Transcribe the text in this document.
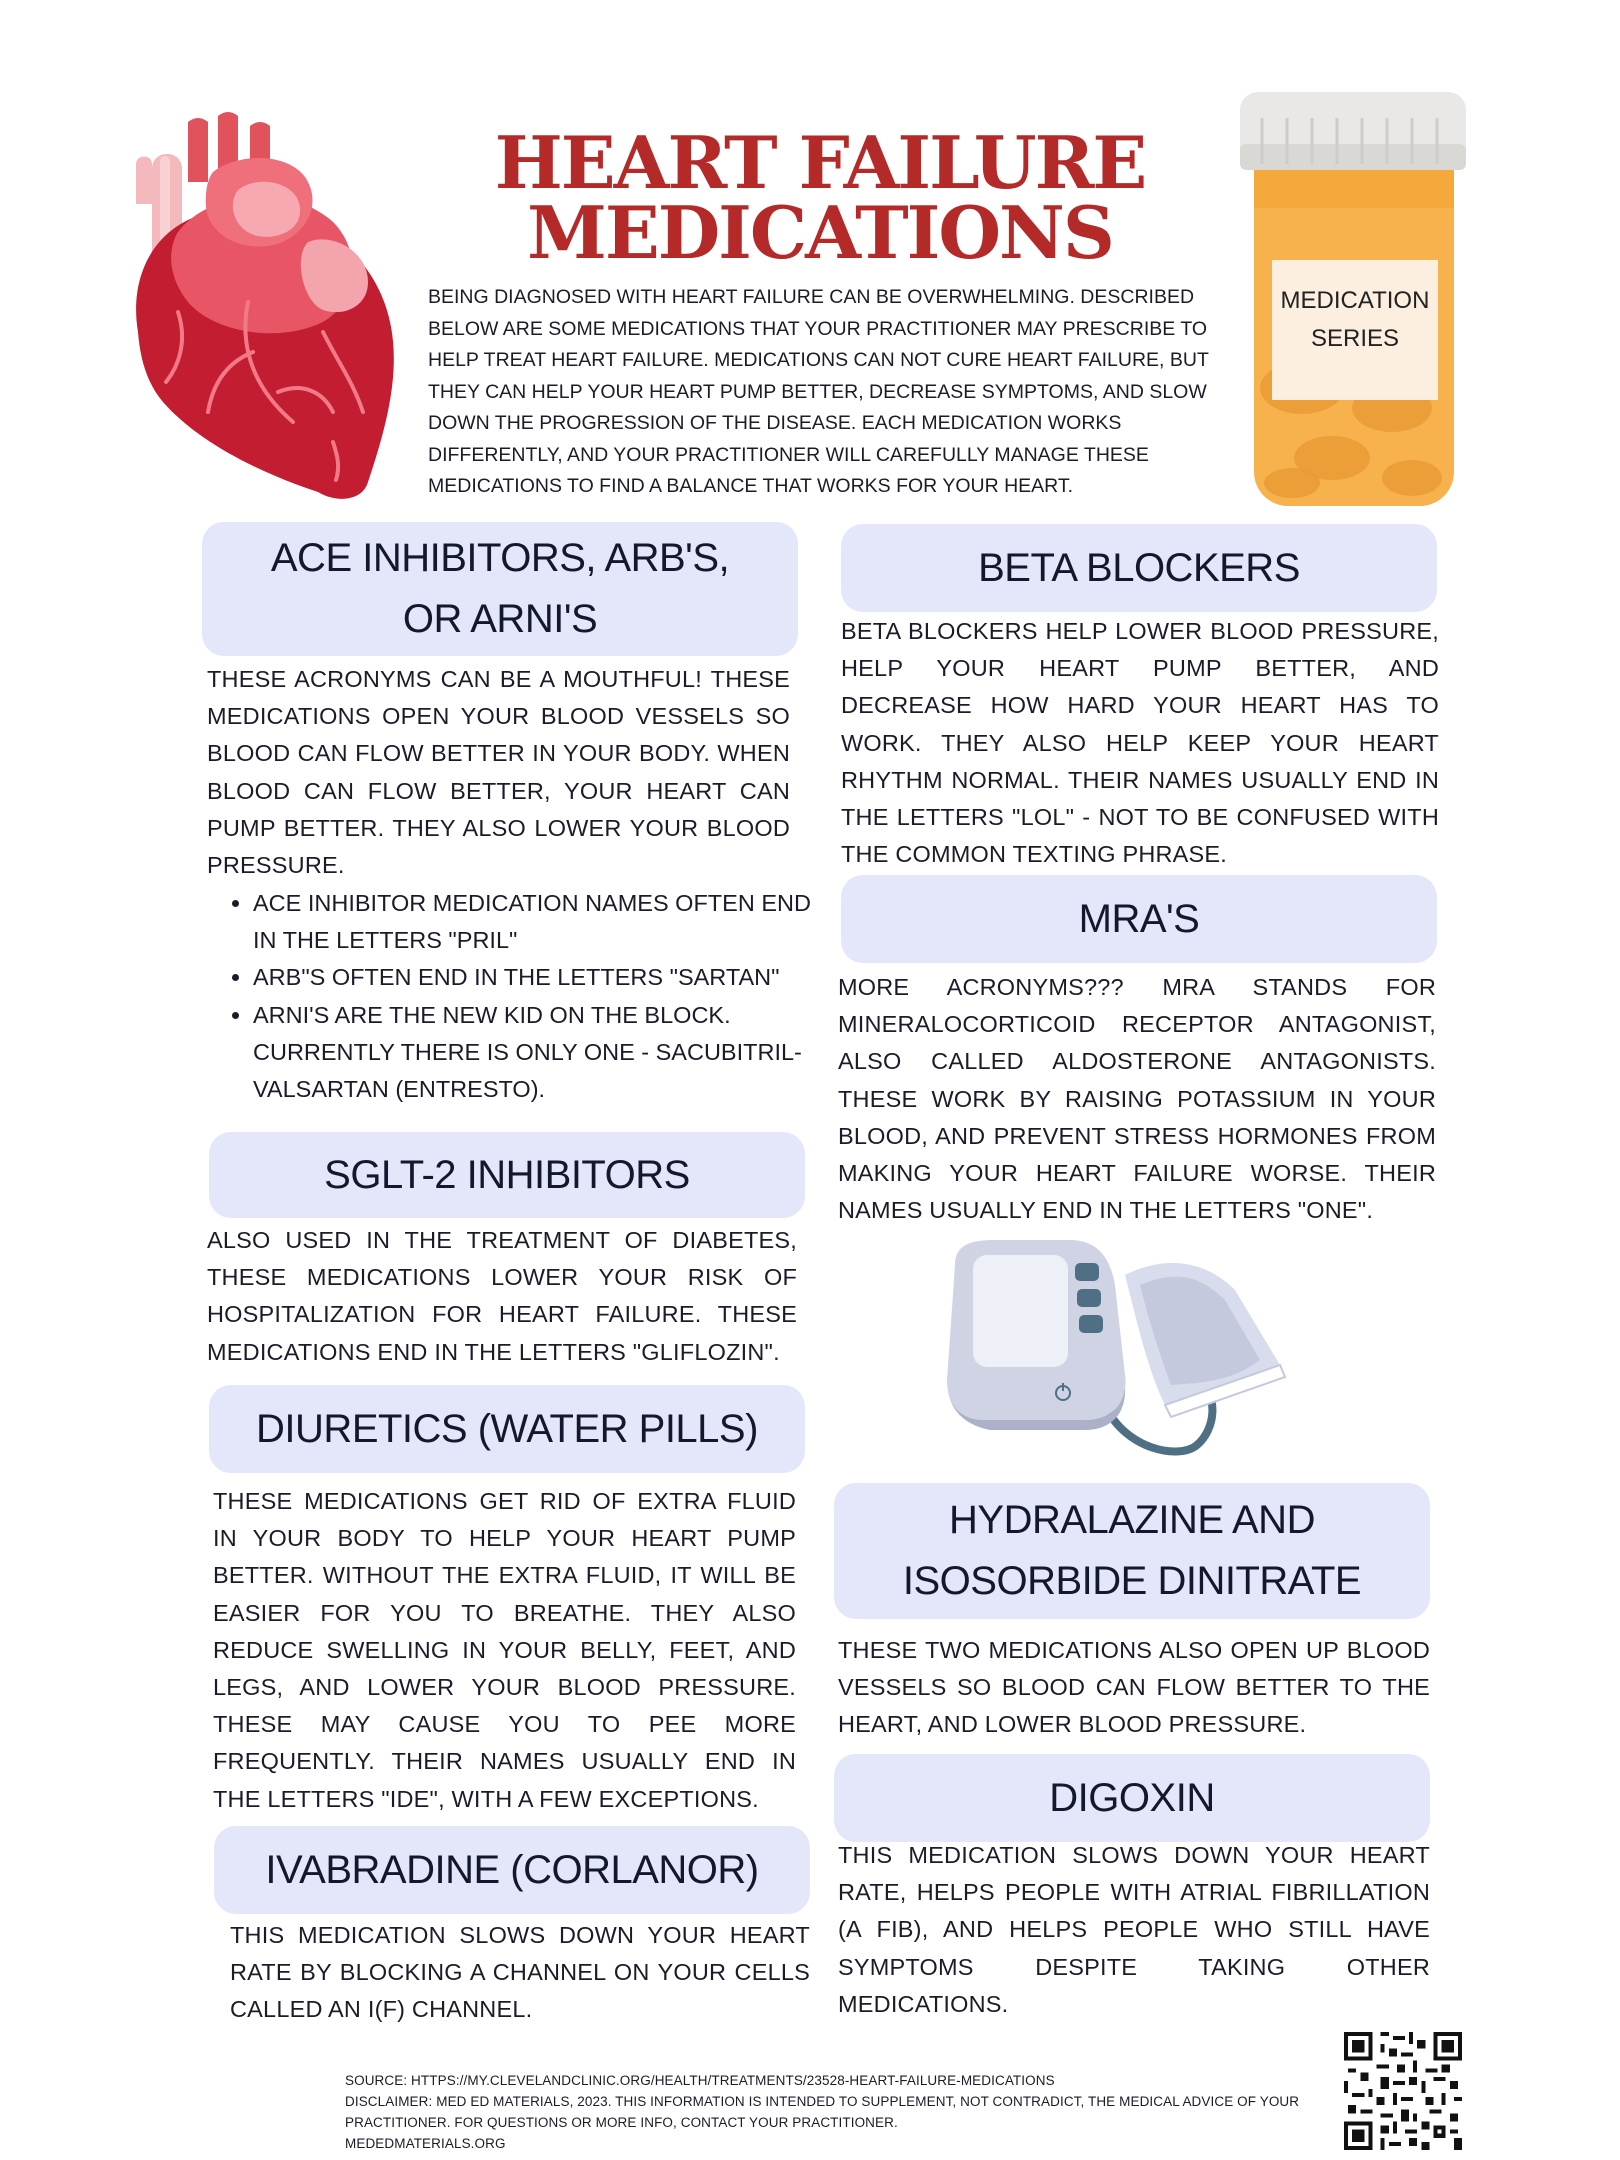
HEART FAILURE
MEDICATIONS

BEING DIAGNOSED WITH HEART FAILURE CAN BE OVERWHELMING. DESCRIBED BELOW ARE SOME MEDICATIONS THAT YOUR PRACTITIONER MAY PRESCRIBE TO HELP TREAT HEART FAILURE. MEDICATIONS CAN NOT CURE HEART FAILURE, BUT THEY CAN HELP YOUR HEART PUMP BETTER, DECREASE SYMPTOMS, AND SLOW DOWN THE PROGRESSION OF THE DISEASE. EACH MEDICATION WORKS DIFFERENTLY, AND YOUR PRACTITIONER WILL CAREFULLY MANAGE THESE MEDICATIONS TO FIND A BALANCE THAT WORKS FOR YOUR HEART.

MEDICATION
SERIES
ACE INHIBITORS, ARB'S, OR ARNI'S

THESE ACRONYMS CAN BE A MOUTHFUL! THESE MEDICATIONS OPEN YOUR BLOOD VESSELS SO BLOOD CAN FLOW BETTER IN YOUR BODY. WHEN BLOOD CAN FLOW BETTER, YOUR HEART CAN PUMP BETTER. THEY ALSO LOWER YOUR BLOOD PRESSURE.

• ACE INHIBITOR MEDICATION NAMES OFTEN END IN THE LETTERS "PRIL"
• ARB"S OFTEN END IN THE LETTERS "SARTAN"
• ARNI'S ARE THE NEW KID ON THE BLOCK. CURRENTLY THERE IS ONLY ONE - SACUBITRIL-VALSARTAN (ENTRESTO).
SGLT-2 INHIBITORS

ALSO USED IN THE TREATMENT OF DIABETES, THESE MEDICATIONS LOWER YOUR RISK OF HOSPITALIZATION FOR HEART FAILURE. THESE MEDICATIONS END IN THE LETTERS "GLIFLOZIN".

DIURETICS (WATER PILLS)

THESE MEDICATIONS GET RID OF EXTRA FLUID IN YOUR BODY TO HELP YOUR HEART PUMP BETTER. WITHOUT THE EXTRA FLUID, IT WILL BE EASIER FOR YOU TO BREATHE. THEY ALSO REDUCE SWELLING IN YOUR BELLY, FEET, AND LEGS, AND LOWER YOUR BLOOD PRESSURE. THESE MAY CAUSE YOU TO PEE MORE FREQUENTLY. THEIR NAMES USUALLY END IN THE LETTERS "IDE", WITH A FEW EXCEPTIONS.

IVABRADINE (CORLANOR)

THIS MEDICATION SLOWS DOWN YOUR HEART RATE BY BLOCKING A CHANNEL ON YOUR CELLS CALLED AN I(F) CHANNEL.

BETA BLOCKERS

BETA BLOCKERS HELP LOWER BLOOD PRESSURE, HELP YOUR HEART PUMP BETTER, AND DECREASE HOW HARD YOUR HEART HAS TO WORK. THEY ALSO HELP KEEP YOUR HEART RHYTHM NORMAL. THEIR NAMES USUALLY END IN THE LETTERS "LOL" - NOT TO BE CONFUSED WITH THE COMMON TEXTING PHRASE.

MRA'S

MORE ACRONYMS??? MRA STANDS FOR MINERALOCORTICOID RECEPTOR ANTAGONIST, ALSO CALLED ALDOSTERONE ANTAGONISTS. THESE WORK BY RAISING POTASSIUM IN YOUR BLOOD, AND PREVENT STRESS HORMONES FROM MAKING YOUR HEART FAILURE WORSE. THEIR NAMES USUALLY END IN THE LETTERS "ONE".

HYDRALAZINE AND
ISOSORBIDE DINITRATE

THESE TWO MEDICATIONS ALSO OPEN UP BLOOD VESSELS SO BLOOD CAN FLOW BETTER TO THE HEART, AND LOWER BLOOD PRESSURE.

DIGOXIN

THIS MEDICATION SLOWS DOWN YOUR HEART RATE, HELPS PEOPLE WITH ATRIAL FIBRILLATION (A FIB), AND HELPS PEOPLE WHO STILL HAVE SYMPTOMS DESPITE TAKING OTHER MEDICATIONS.

SOURCE: HTTPS://MY.CLEVELANDCLINIC.ORG/HEALTH/TREATMENTS/23528-HEART-FAILURE-MEDICATIONS

DISCLAIMER: MED ED MATERIALS, 2023. THIS INFORMATION IS INTENDED TO SUPPLEMENT, NOT CONTRADICT, THE MEDICAL ADVICE OF YOUR PRACTITIONER. FOR QUESTIONS OR MORE INFO, CONTACT YOUR PRACTITIONER.

MEDEDMATERIALS.ORG
